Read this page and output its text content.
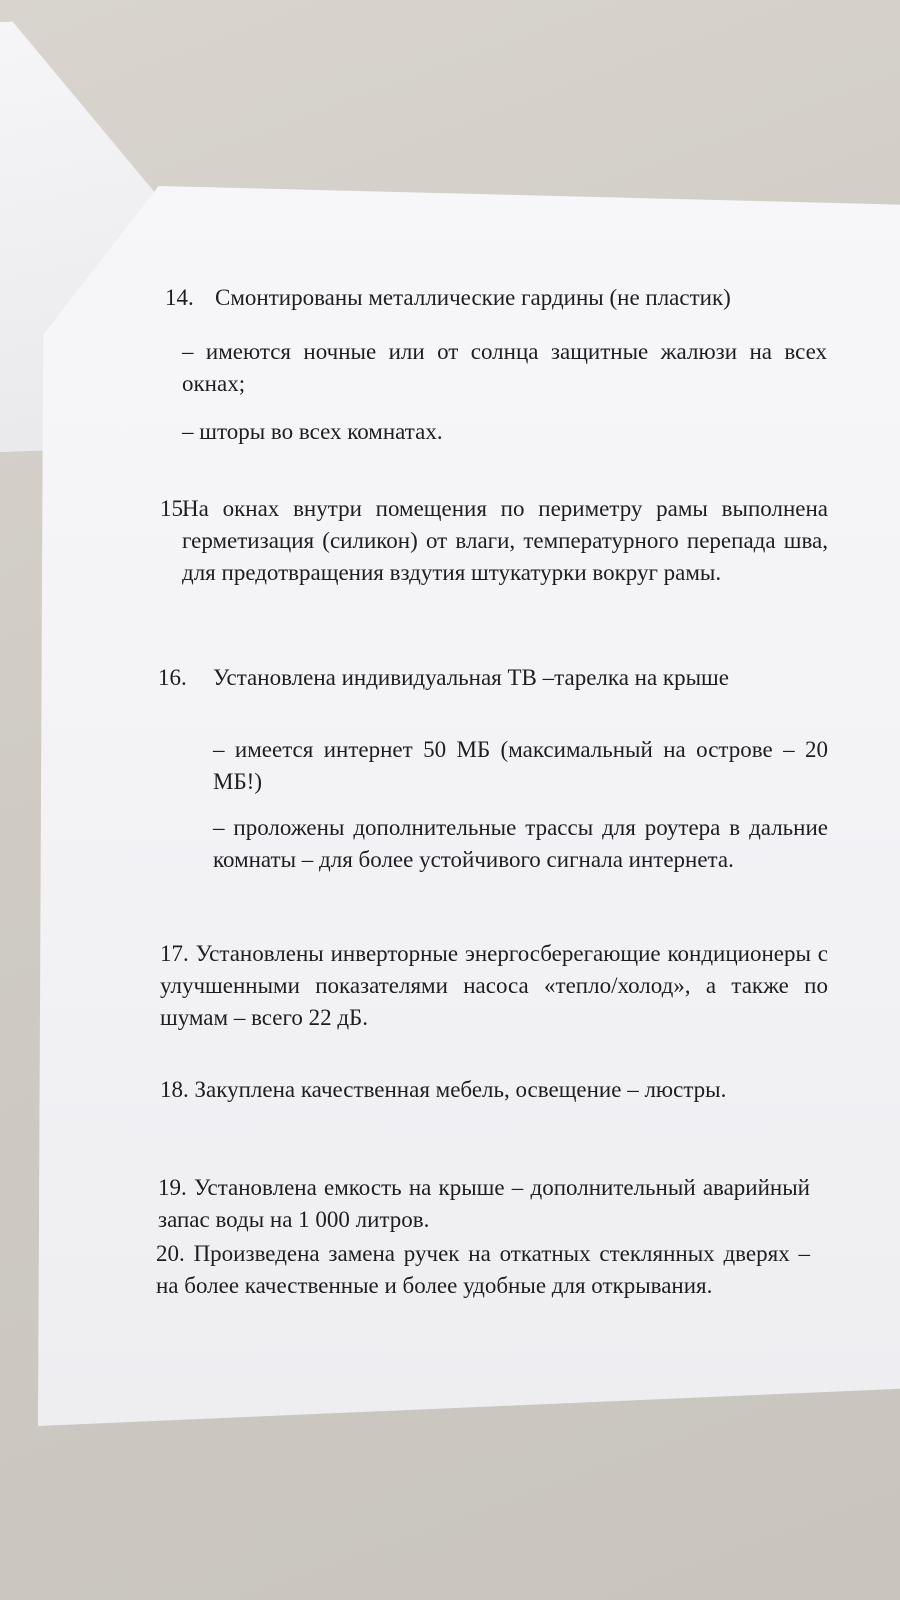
14. Смонтированы металлические гардины (не пластик)
– имеются ночные или от солнца защитные жалюзи на всех окнах;
– шторы во всех комнатах.
15.
На окнах внутри помещения по периметру рамы выполнена герметизация (силикон) от влаги, температурного перепада шва, для предотвращения вздутия штукатурки вокруг рамы.
16.	Установлена индивидуальная ТВ –тарелка на крыше
– имеется интернет 50 МБ (максимальный на острове – 20 МБ!)
– проложены дополнительные трассы для роутера в дальние комнаты – для более устойчивого сигнала интернета.
17. Установлены инверторные энергосберегающие кондиционеры с улучшенными показателями насоса «тепло/холод», а также по шумам – всего 22 дБ.
18. Закуплена качественная мебель, освещение – люстры.
19. Установлена емкость на крыше – дополнительный аварийный запас воды на 1 000 литров.
20. Произведена замена ручек на откатных стеклянных дверях – на более качественные и более удобные для открывания.
